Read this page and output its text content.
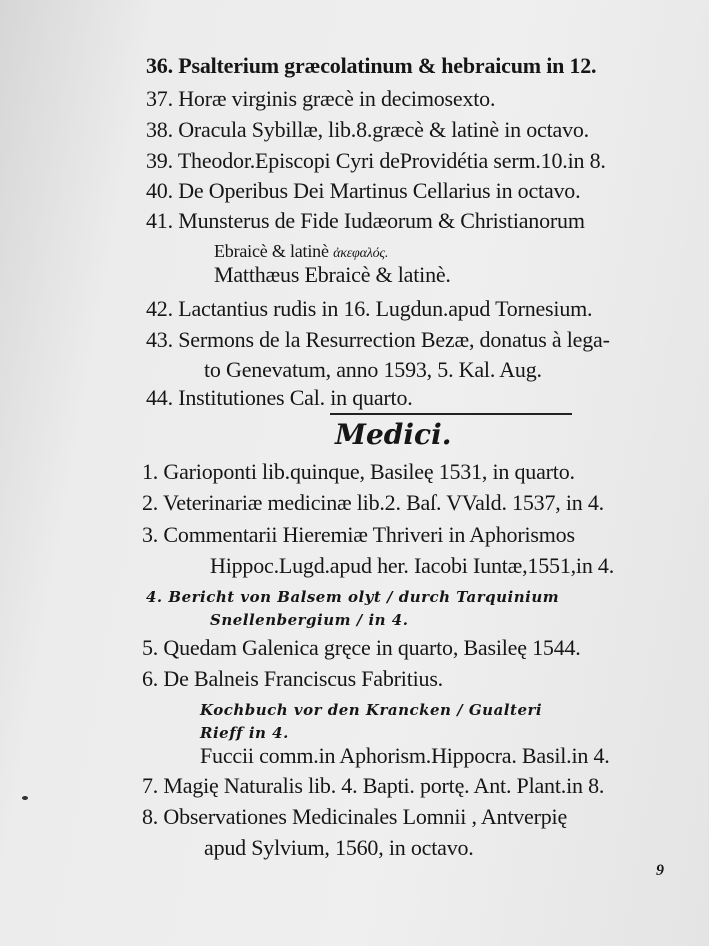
36. Psalterium græcolatinum & hebraicum in 12.
37. Horæ virginis græcè in decimosexto.
38. Oracula Sybillæ, lib.8.græcè & latinè in octavo.
39. Theodor.Episcopi Cyri deProvidétia serm.10.in 8.
40. De Operibus Dei Martinus Cellarius in octavo.
41. Munsterus de Fide Iudæorum & Christianorum
Ebraicè & latinè ἀκεφαλός.
Matthæus Ebraicè & latinè.
42. Lactantius rudis in 16. Lugdun.apud Tornesium.
43. Sermons de la Resurrection Bezæ, donatus à lega-
to Genevatum, anno 1593, 5. Kal. Aug.
44. Institutiones Cal. in quarto.
Medici.
1. Garioponti lib.quinque, Basileę 1531, in quarto.
2. Veterinariæ medicinæ lib.2. Baſ. VVald. 1537, in 4.
3. Commentarii Hieremiæ Thriveri in Aphorismos
Hippoc.Lugd.apud her. Iacobi Iuntæ,1551,in 4.
4. Bericht von Balsem olyt / durch Tarquinium
Snellenbergium / in 4.
5. Quedam Galenica gręce in quarto, Basileę 1544.
6. De Balneis Franciscus Fabritius.
Kochbuch vor den Krancken / Gualteri
Rieff in 4.
Fuccii comm.in Aphorism.Hippocra. Basil.in 4.
7. Magię Naturalis lib. 4. Bapti. portę. Ant. Plant.in 8.
8. Observationes Medicinales Lomnii , Antverpię
apud Sylvium, 1560, in octavo.
9
